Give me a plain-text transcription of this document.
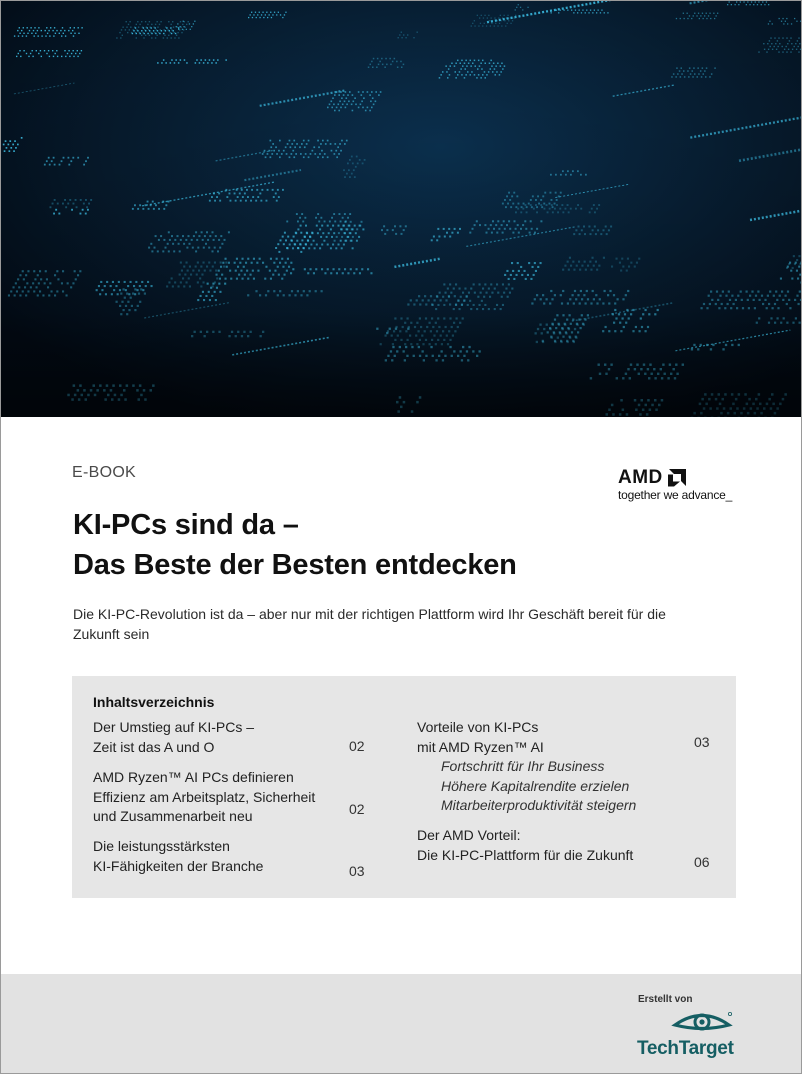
E-BOOK	AMD
together we advance_
KI-PCs sind da –
Das Beste der Besten entdecken
Die KI-PC-Revolution ist da – aber nur mit der richtigen Plattform wird Ihr Geschäft bereit für die Zukunft sein
Inhaltsverzeichnis
Der Umstieg auf KI-PCs –
Zeit ist das A und O	02
AMD Ryzen™ AI PCs definieren
Effizienz am Arbeitsplatz, Sicherheit
und Zusammenarbeit neu	02
Die leistungsstärksten
KI-Fähigkeiten der Branche	03
Vorteile von KI-PCs
mit AMD Ryzen™ AI
Fortschritt für Ihr Business
Höhere Kapitalrendite erzielen
Mitarbeiterproduktivität steigern
03
Der AMD Vorteil:
Die KI-PC-Plattform für die Zukunft	06
Erstellt von
TechTarget
